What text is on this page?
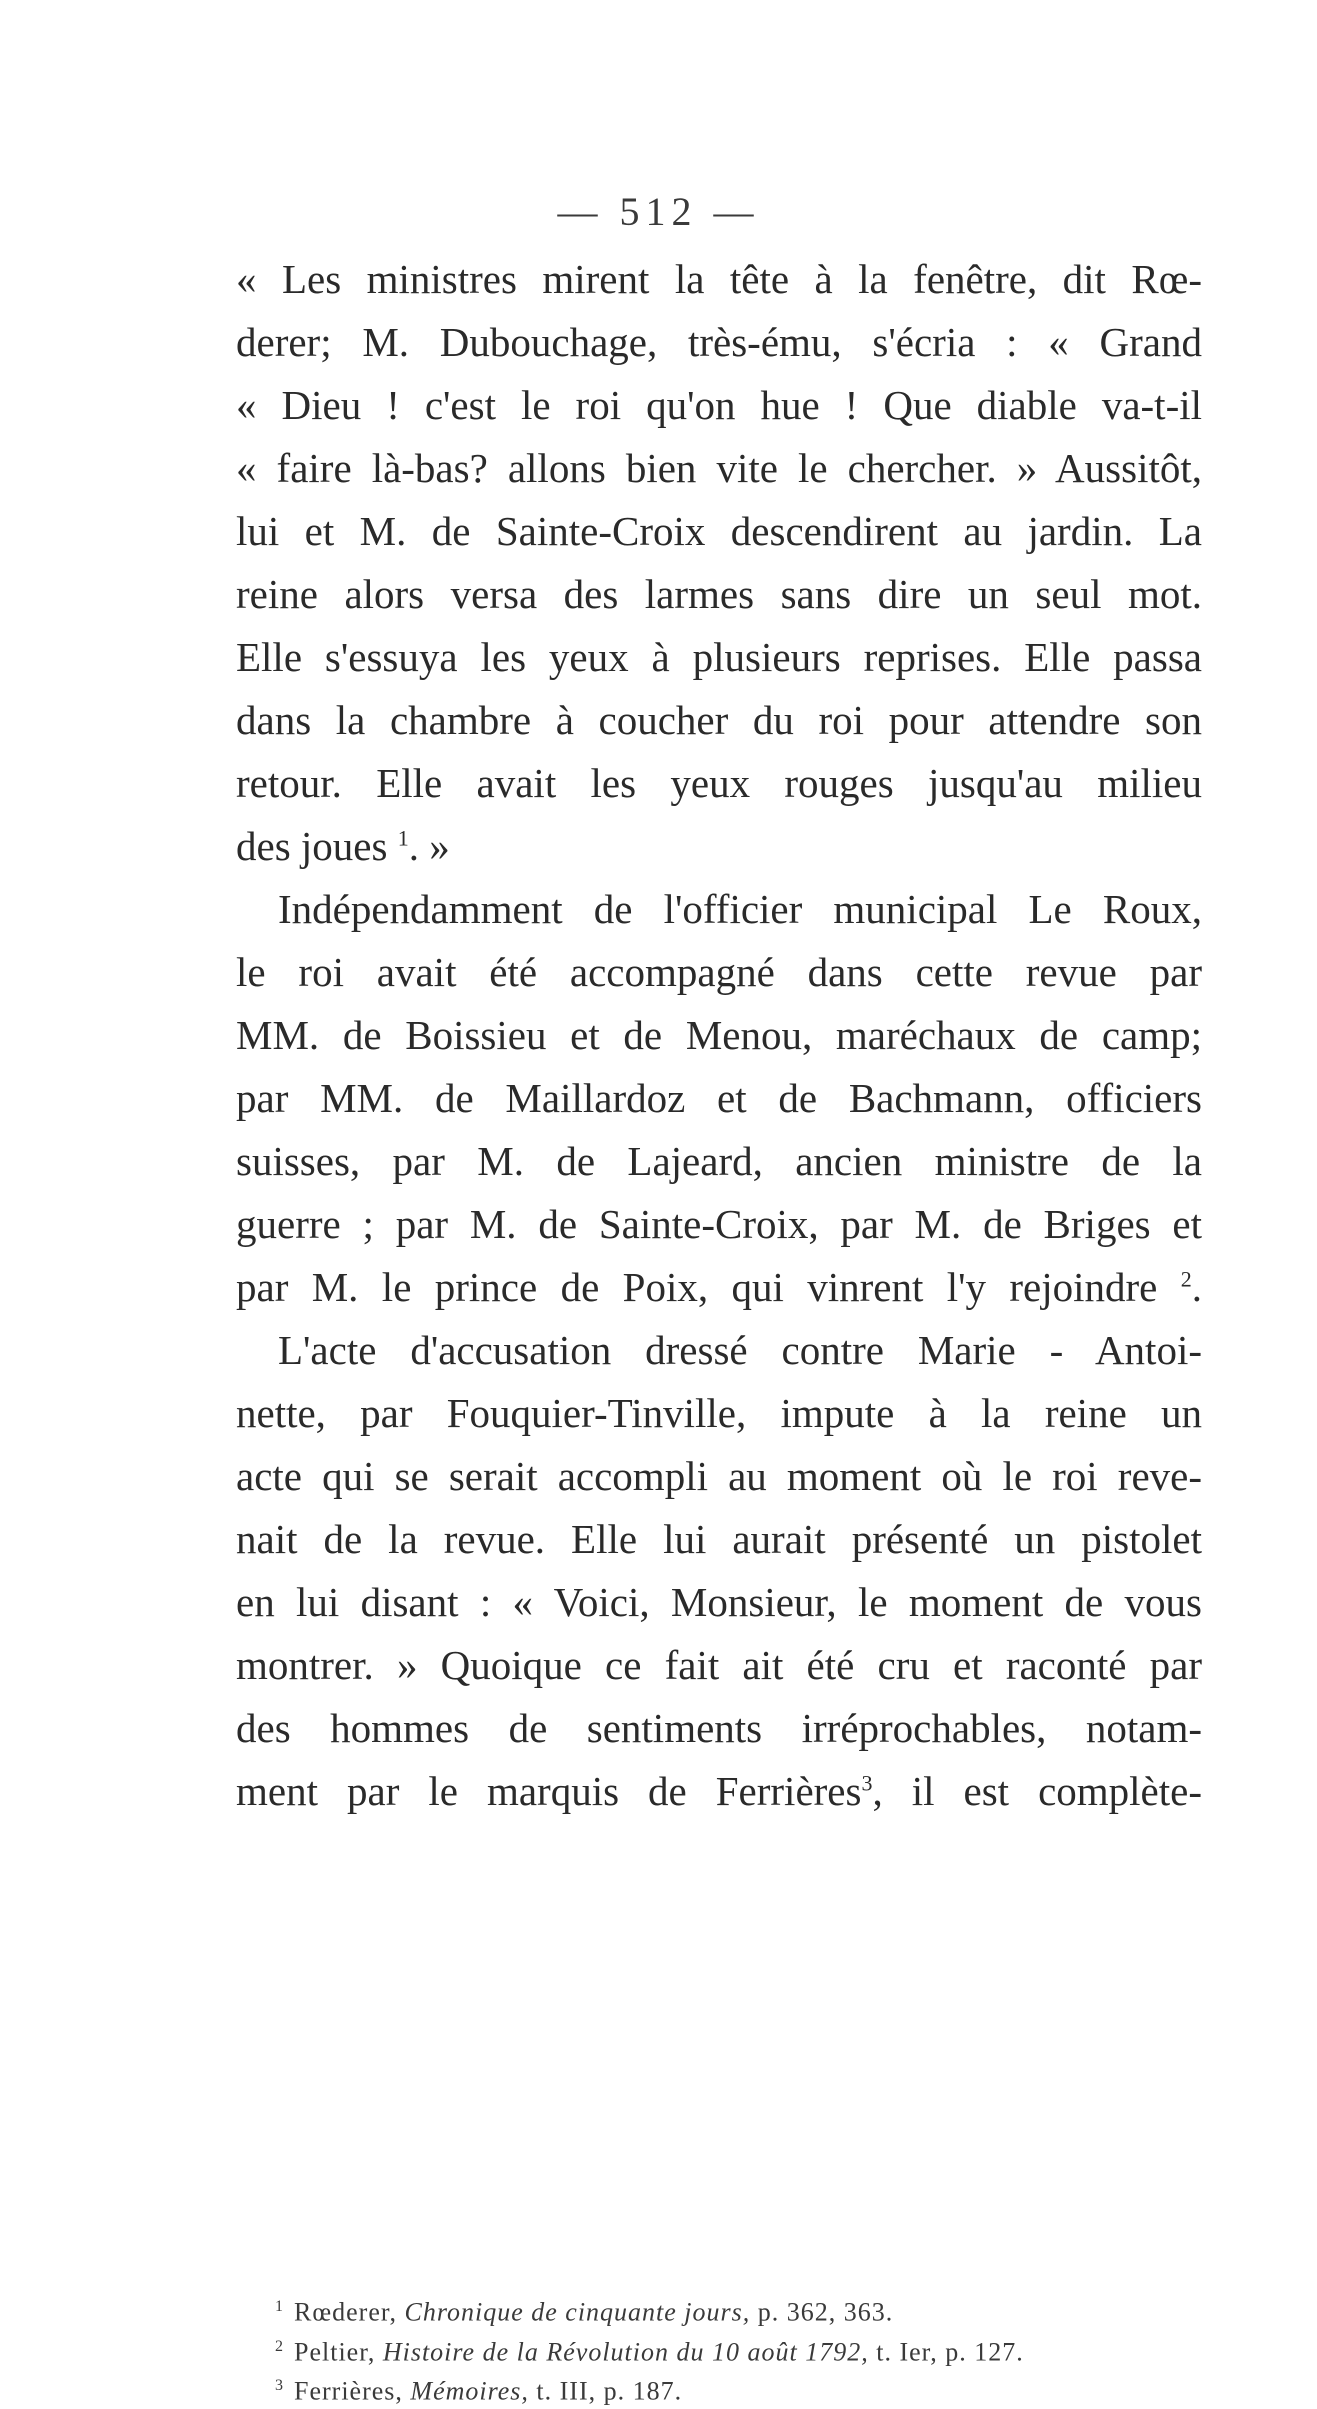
— 512 —
« Les ministres mirent la tête à la fenêtre, dit Rœ-
derer; M. Dubouchage, très-ému, s'écria : « Grand
« Dieu ! c'est le roi qu'on hue ! Que diable va-t-il
« faire là-bas? allons bien vite le chercher. » Aussitôt,
lui et M. de Sainte-Croix descendirent au jardin. La
reine alors versa des larmes sans dire un seul mot.
Elle s'essuya les yeux à plusieurs reprises. Elle passa
dans la chambre à coucher du roi pour attendre son
retour. Elle avait les yeux rouges jusqu'au milieu
des joues $^1$. »
Indépendamment de l'officier municipal Le Roux,
le roi avait été accompagné dans cette revue par
MM. de Boissieu et de Menou, maréchaux de camp;
par MM. de Maillardoz et de Bachmann, officiers
suisses, par M. de Lajeard, ancien ministre de la
guerre ; par M. de Sainte-Croix, par M. de Briges et
par M. le prince de Poix, qui vinrent l'y rejoindre $^2$.
L'acte d'accusation dressé contre Marie - Antoi-
nette, par Fouquier-Tinville, impute à la reine un
acte qui se serait accompli au moment où le roi reve-
nait de la revue. Elle lui aurait présenté un pistolet
en lui disant : « Voici, Monsieur, le moment de vous
montrer. » Quoique ce fait ait été cru et raconté par
des hommes de sentiments irréprochables, notam-
ment par le marquis de Ferrières$^3$, il est complète-
$^1$ Rœderer, Chronique de cinquante jours, p. 362, 363.
$^2$ Peltier, Histoire de la Révolution du 10 août 1792, t. Ier, p. 127.
$^3$ Ferrières, Mémoires, t. III, p. 187.
